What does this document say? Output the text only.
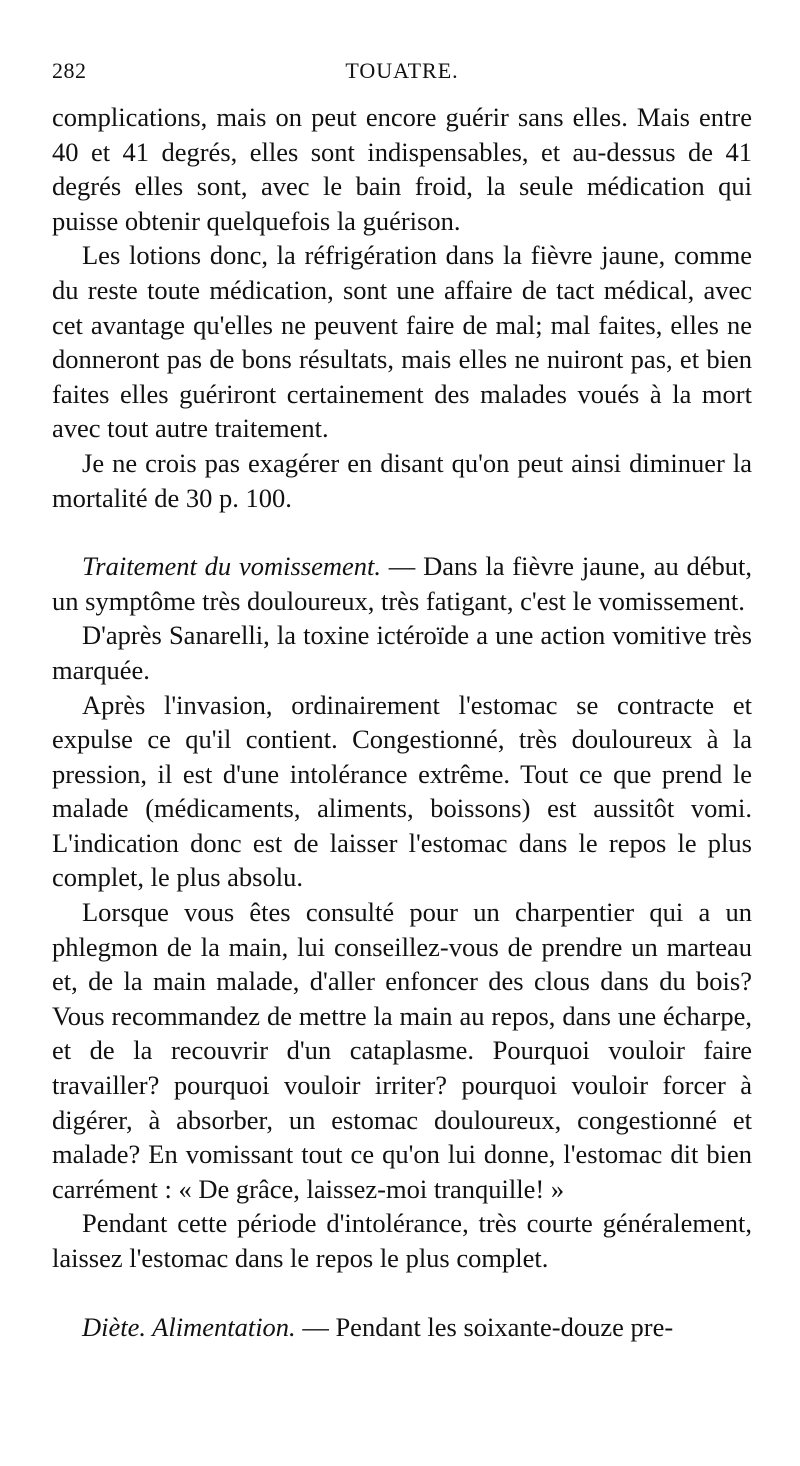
282	TOUATRE.

complications, mais on peut encore guérir sans elles. Mais entre 40 et 41 degrés, elles sont indispensables, et au-dessus de 41 degrés elles sont, avec le bain froid, la seule médication qui puisse obtenir quelquefois la guérison.

Les lotions donc, la réfrigération dans la fièvre jaune, comme du reste toute médication, sont une affaire de tact médical, avec cet avantage qu'elles ne peuvent faire de mal; mal faites, elles ne donneront pas de bons résultats, mais elles ne nuiront pas, et bien faites elles guériront certainement des malades voués à la mort avec tout autre traitement.

Je ne crois pas exagérer en disant qu'on peut ainsi diminuer la mortalité de 30 p. 100.

Traitement du vomissement. — Dans la fièvre jaune, au début, un symptôme très douloureux, très fatigant, c'est le vomissement.

D'après Sanarelli, la toxine ictéroïde a une action vomitive très marquée.

Après l'invasion, ordinairement l'estomac se contracte et expulse ce qu'il contient. Congestionné, très douloureux à la pression, il est d'une intolérance extrême. Tout ce que prend le malade (médicaments, aliments, boissons) est aussitôt vomi. L'indication donc est de laisser l'estomac dans le repos le plus complet, le plus absolu.

Lorsque vous êtes consulté pour un charpentier qui a un phlegmon de la main, lui conseillez-vous de prendre un marteau et, de la main malade, d'aller enfoncer des clous dans du bois? Vous recommandez de mettre la main au repos, dans une écharpe, et de la recouvrir d'un cataplasme. Pourquoi vouloir faire travailler? pourquoi vouloir irriter? pourquoi vouloir forcer à digérer, à absorber, un estomac douloureux, congestionné et malade? En vomissant tout ce qu'on lui donne, l'estomac dit bien carrément : « De grâce, laissez-moi tranquille! »

Pendant cette période d'intolérance, très courte généralement, laissez l'estomac dans le repos le plus complet.

Diète. Alimentation. — Pendant les soixante-douze pre-
